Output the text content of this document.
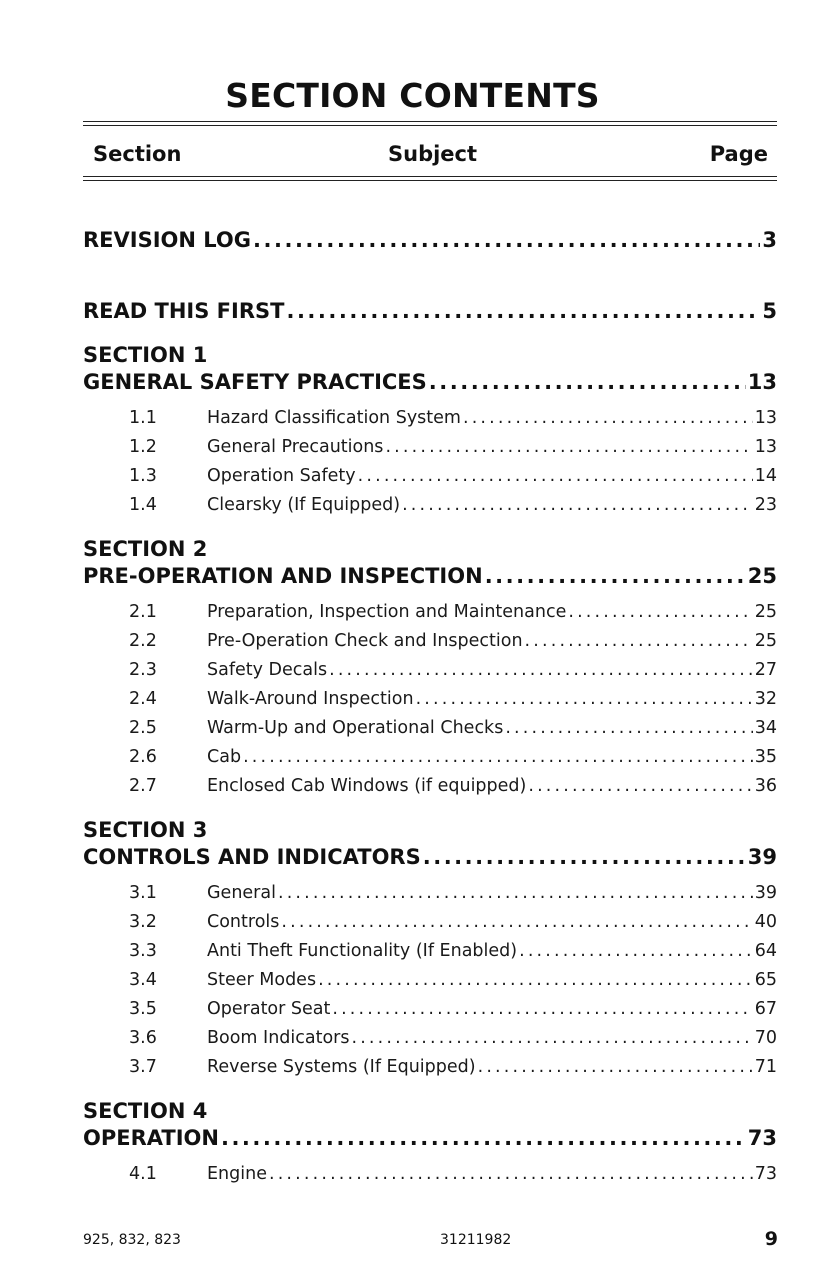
SECTION CONTENTS
Section	Subject	Page
REVISION LOG . . .	3
READ THIS FIRST . . .	5
SECTION 1
GENERAL SAFETY PRACTICES . . .	13
1.1	Hazard Classification System . . .	13
1.2	General Precautions . . .	13
1.3	Operation Safety . . .	14
1.4	Clearsky (If Equipped) . . .	23
SECTION 2
PRE-OPERATION AND INSPECTION . . .	25
2.1	Preparation, Inspection and Maintenance . . .	25
2.2	Pre-Operation Check and Inspection . . .	25
2.3	Safety Decals . . .	27
2.4	Walk-Around Inspection . . .	32
2.5	Warm-Up and Operational Checks . . .	34
2.6	Cab . . .	35
2.7	Enclosed Cab Windows (if equipped) . . .	36
SECTION 3
CONTROLS AND INDICATORS . . .	39
3.1	General . . .	39
3.2	Controls . . .	40
3.3	Anti Theft Functionality (If Enabled) . . .	64
3.4	Steer Modes . . .	65
3.5	Operator Seat . . .	67
3.6	Boom Indicators . . .	70
3.7	Reverse Systems (If Equipped) . . .	71
SECTION 4
OPERATION . . .	73
4.1	Engine . . .	73
925, 832, 823	31211982	9
